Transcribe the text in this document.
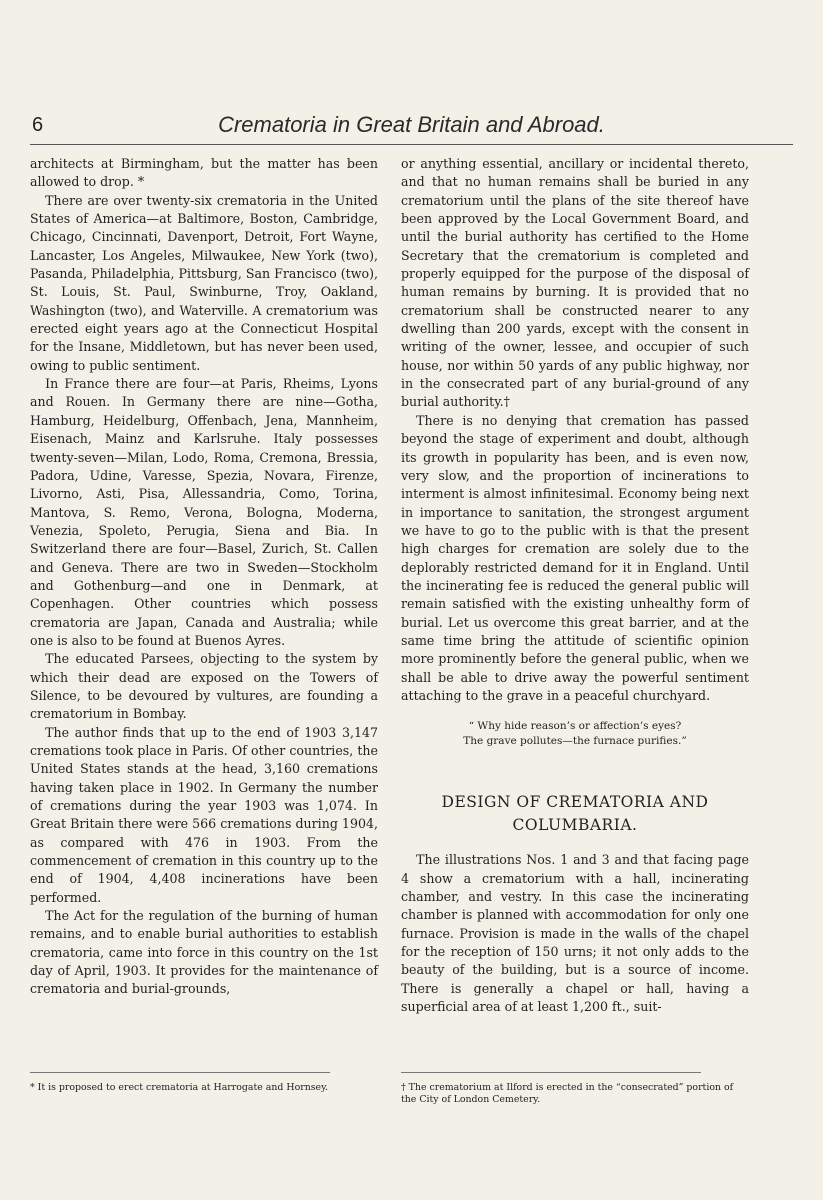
6	Crematoria in Great Britain and Abroad.

architects at Birmingham, but the matter has been allowed to drop. *

There are over twenty-six crematoria in the United States of America—at Baltimore, Boston, Cambridge, Chicago, Cincinnati, Davenport, Detroit, Fort Wayne, Lancaster, Los Angeles, Milwaukee, New York (two), Pasanda, Philadelphia, Pittsburg, San Francisco (two), St. Louis, St. Paul, Swinburne, Troy, Oakland, Washington (two), and Waterville. A crematorium was erected eight years ago at the Connecticut Hospital for the Insane, Middletown, but has never been used, owing to public sentiment.

In France there are four—at Paris, Rheims, Lyons and Rouen. In Germany there are nine—Gotha, Hamburg, Heidelburg, Offenbach, Jena, Mannheim, Eisenach, Mainz and Karlsruhe. Italy possesses twenty-seven—Milan, Lodo, Roma, Cremona, Bressia, Padora, Udine, Varesse, Spezia, Novara, Firenze, Livorno, Asti, Pisa, Allessandria, Como, Torina, Mantova, S. Remo, Verona, Bologna, Moderna, Venezia, Spoleto, Perugia, Siena and Bia. In Switzerland there are four—Basel, Zurich, St. Callen and Geneva. There are two in Sweden—Stockholm and Gothenburg—and one in Denmark, at Copenhagen. Other countries which possess crematoria are Japan, Canada and Australia; while one is also to be found at Buenos Ayres.

The educated Parsees, objecting to the system by which their dead are exposed on the Towers of Silence, to be devoured by vultures, are founding a crematorium in Bombay.

The author finds that up to the end of 1903 3,147 cremations took place in Paris. Of other countries, the United States stands at the head, 3,160 cremations having taken place in 1902. In Germany the number of cremations during the year 1903 was 1,074. In Great Britain there were 566 cremations during 1904, as compared with 476 in 1903. From the commencement of cremation in this country up to the end of 1904, 4,408 incinerations have been performed.

The Act for the regulation of the burning of human remains, and to enable burial authorities to establish crematoria, came into force in this country on the 1st day of April, 1903. It provides for the maintenance of crematoria and burial-grounds,

or anything essential, ancillary or incidental thereto, and that no human remains shall be buried in any crematorium until the plans of the site thereof have been approved by the Local Government Board, and until the burial authority has certified to the Home Secretary that the crematorium is completed and properly equipped for the purpose of the disposal of human remains by burning. It is provided that no crematorium shall be constructed nearer to any dwelling than 200 yards, except with the consent in writing of the owner, lessee, and occupier of such house, nor within 50 yards of any public highway, nor in the consecrated part of any burial-ground of any burial authority.†

There is no denying that cremation has passed beyond the stage of experiment and doubt, although its growth in popularity has been, and is even now, very slow, and the proportion of incinerations to interment is almost infinitesimal. Economy being next in importance to sanitation, the strongest argument we have to go to the public with is that the present high charges for cremation are solely due to the deplorably restricted demand for it in England. Until the incinerating fee is reduced the general public will remain satisfied with the existing unhealthy form of burial. Let us overcome this great barrier, and at the same time bring the attitude of scientific opinion more prominently before the general public, when we shall be able to drive away the powerful sentiment attaching to the grave in a peaceful churchyard.

“ Why hide reason’s or affection’s eyes?
The grave pollutes—the furnace purifies.”
DESIGN OF CREMATORIA AND
COLUMBARIA.

The illustrations Nos. 1 and 3 and that facing page 4 show a crematorium with a hall, incinerating chamber, and vestry. In this case the incinerating chamber is planned with accommodation for only one furnace. Provision is made in the walls of the chapel for the reception of 150 urns; it not only adds to the beauty of the building, but is a source of income. There is generally a chapel or hall, having a superficial area of at least 1,200 ft., suit-

* It is proposed to erect crematoria at Harrogate and Hornsey.	† The crematorium at Ilford is erected in the “consecrated” portion of the City of London Cemetery.
